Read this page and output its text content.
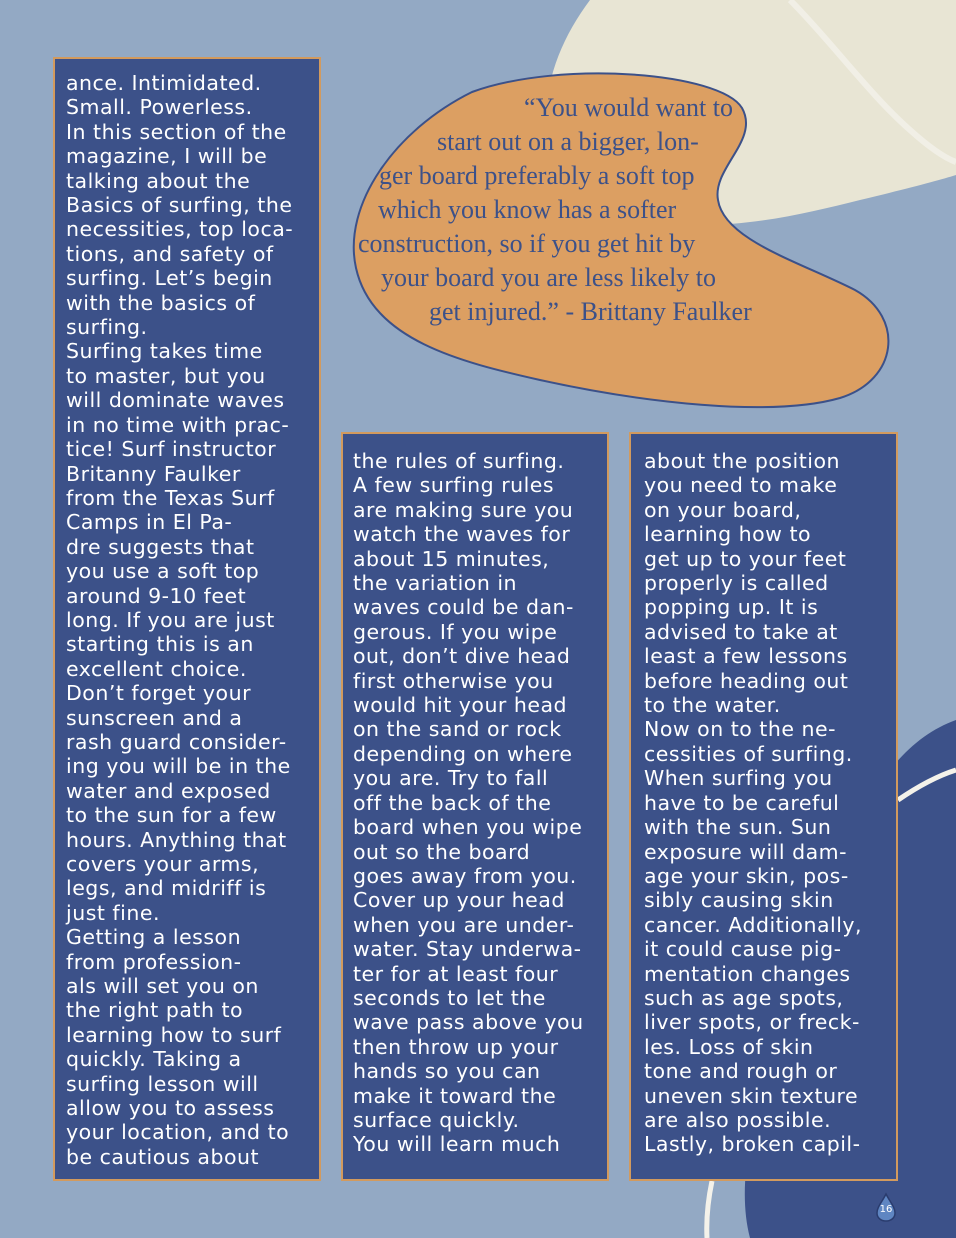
“You would want to
start out on a bigger, lon-
ger board preferably a soft top
which you know has a softer
construction, so if you get hit by
your board you are less likely to
get injured.” - Brittany Faulker
ance. Intimidated.
Small. Powerless.
In this section of the
magazine, I will be
talking about the
Basics of surfing, the
necessities, top loca-
tions, and safety of
surfing. Let’s begin
with the basics of
surfing.
Surfing takes time
to master, but you
will dominate waves
in no time with prac-
tice! Surf instructor
Britanny Faulker
from the Texas Surf
Camps in El Pa-
dre suggests that
you use a soft top
around 9-10 feet
long. If you are just
starting this is an
excellent choice.
Don’t forget your
sunscreen and a
rash guard consider-
ing you will be in the
water and exposed
to the sun for a few
hours. Anything that
covers your arms,
legs, and midriff is
just fine.
Getting a lesson
from profession-
als will set you on
the right path to
learning how to surf
quickly. Taking a
surfing lesson will
allow you to assess
your location, and to
be cautious about
the rules of surfing.
A few surfing rules
are making sure you
watch the waves for
about 15 minutes,
the variation in
waves could be dan-
gerous. If you wipe
out, don’t dive head
first otherwise you
would hit your head
on the sand or rock
depending on where
you are. Try to fall
off the back of the
board when you wipe
out so the board
goes away from you.
Cover up your head
when you are under-
water. Stay underwa-
ter for at least four
seconds to let the
wave pass above you
then throw up your
hands so you can
make it toward the
surface quickly.
You will learn much
about the position
you need to make
on your board,
learning how to
get up to your feet
properly is called
popping up. It is
advised to take at
least a few lessons
before heading out
to the water.
Now on to the ne-
cessities of surfing.
When surfing you
have to be careful
with the sun. Sun
exposure will dam-
age your skin, pos-
sibly causing skin
cancer. Additionally,
it could cause pig-
mentation changes
such as age spots,
liver spots, or freck-
les. Loss of skin
tone and rough or
uneven skin texture
are also possible.
Lastly, broken capil-
16
